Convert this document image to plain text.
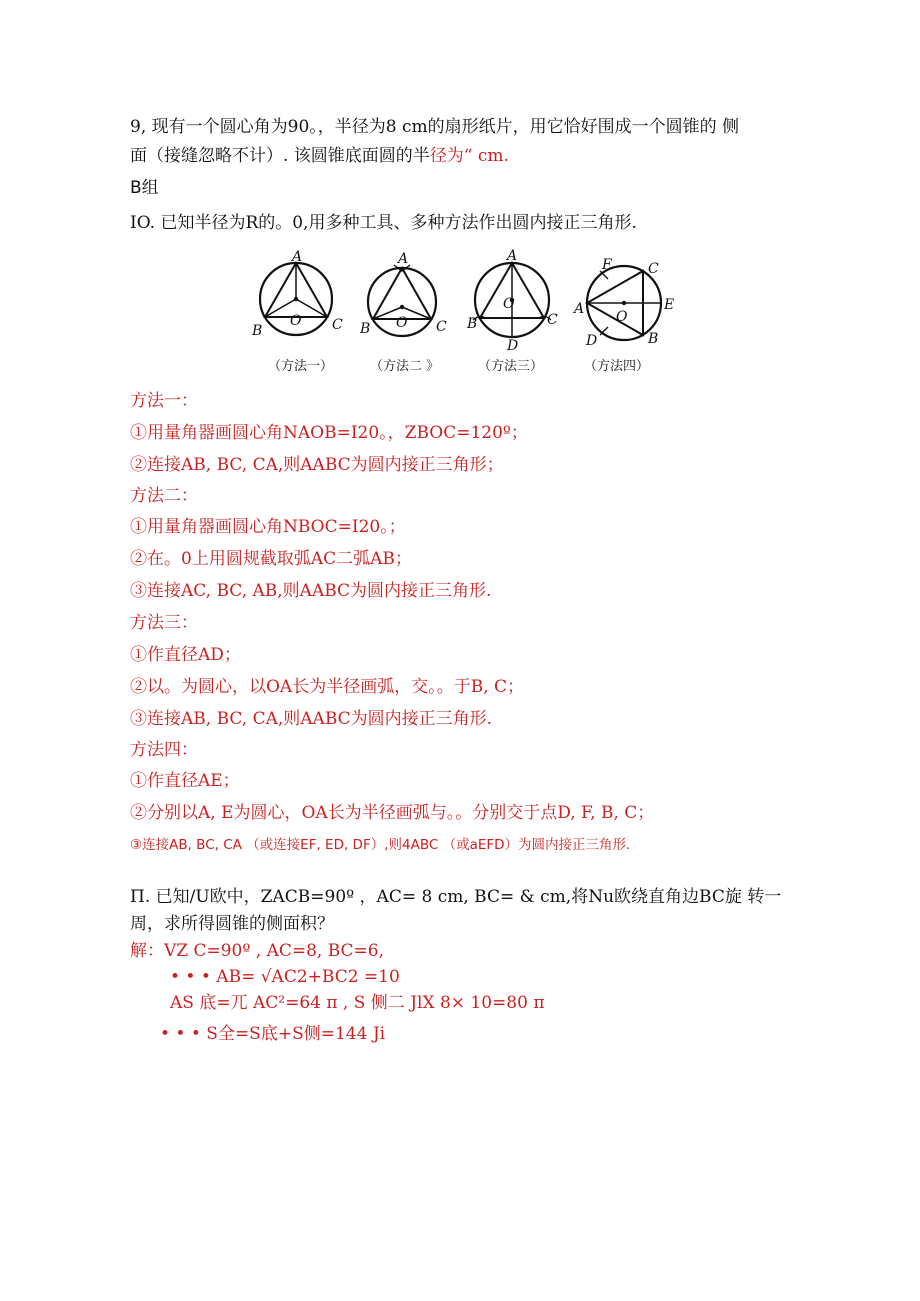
9, 现有一个圆心角为90。，半径为8 cm的扇形纸片，用它恰好围成一个圆锥的 侧
面（接缝忽略不计）. 该圆锥底面圆的半径为“ cm.
B组
IO. 已知半径为R的。0,用多种工具、多种方法作出圆内接正三角形.
A
B
O C
（方法一）
A
B O C
（方法二 》
A
B
O
C
D
（方法三）
F	C
A O
E
D	B
（方法四）
方法一：
①用量角器画圆心角NAOB=I20。，ZBOC=120º；
②连接AB, BC, CA,则AABC为圆内接正三角形；
方法二：
①用量角器画圆心角NBOC=I20。；
②在。0上用圆规截取弧AC二弧AB；
③连接AC, BC, AB,则AABC为圆内接正三角形.
方法三：
①作直径AD；
②以。为圆心，以OA长为半径画弧，交。。于B, C；
③连接AB, BC, CA,则AABC为圆内接正三角形.
方法四：
①作直径AE；
②分别以A, E为圆心，OA长为半径画弧与。。分别交于点D, F, B, C；
③连接AB, BC, CA （或连接EF, ED, DF）,则4ABC （或aEFD）为圆内接正三角形.
Π. 已知/U欧中，ZACB=90º ，AC= 8 cm, BC= & cm,将Nu欧绕直角边BC旋 转一
周，求所得圆锥的侧面积？
解：VZ C=90º , AC=8, BC=6,
• • • AB= √AC2+BC2 =10
AS 底=兀 AC²=64 π , S 侧二 JlX 8× 10=80 π
• • • S全=S底+S侧=144 Ji
